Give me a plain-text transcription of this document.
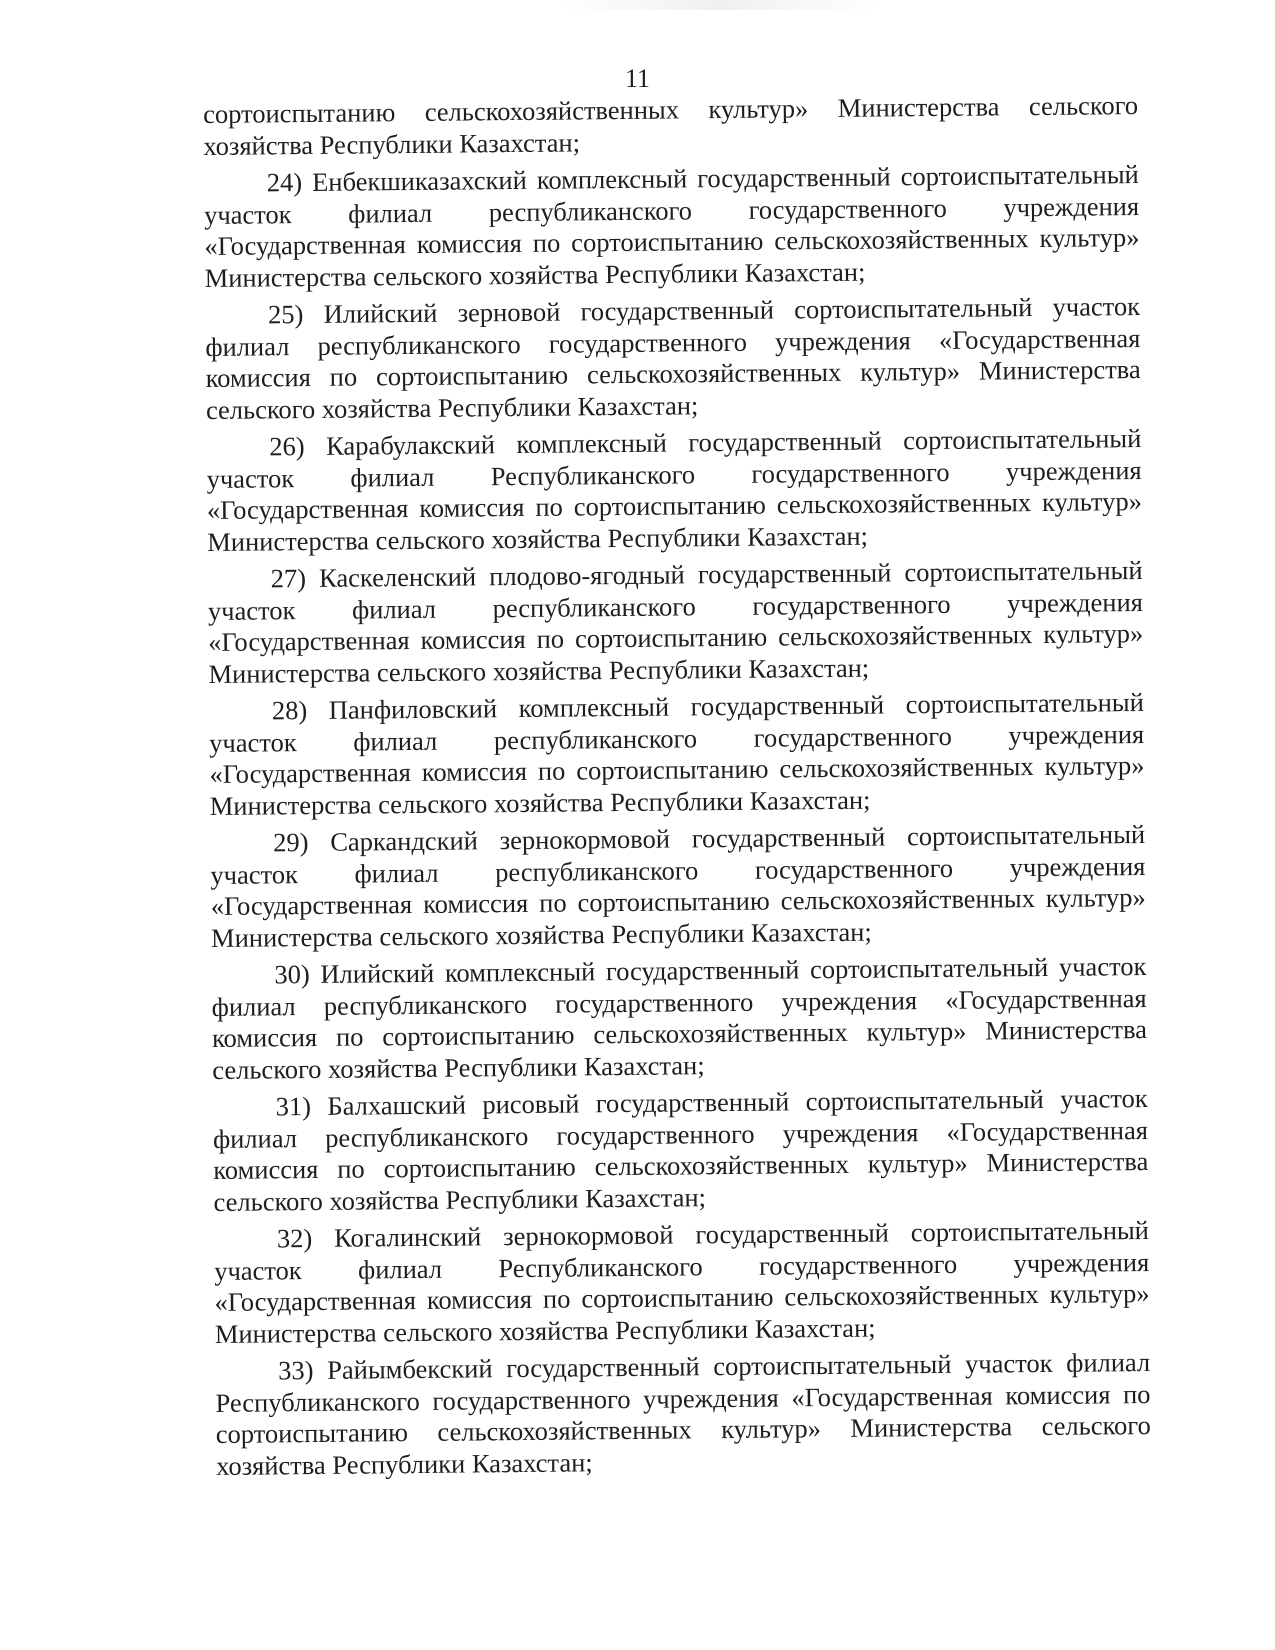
11

сортоиспытанию сельскохозяйственных культур» Министерства сельского хозяйства Республики Казахстан;

24) Енбекшиказахский комплексный государственный сортоиспытательный участок филиал республиканского государственного учреждения «Государственная комиссия по сортоиспытанию сельскохозяйственных культур» Министерства сельского хозяйства Республики Казахстан;

25) Илийский зерновой государственный сортоиспытательный участок филиал республиканского государственного учреждения «Государственная комиссия по сортоиспытанию сельскохозяйственных культур» Министерства сельского хозяйства Республики Казахстан;

26) Карабулакский комплексный государственный сортоиспытательный участок филиал Республиканского государственного учреждения «Государственная комиссия по сортоиспытанию сельскохозяйственных культур» Министерства сельского хозяйства Республики Казахстан;

27) Каскеленский плодово-ягодный государственный сортоиспытательный участок филиал республиканского государственного учреждения «Государственная комиссия по сортоиспытанию сельскохозяйственных культур» Министерства сельского хозяйства Республики Казахстан;

28) Панфиловский комплексный государственный сортоиспытательный участок филиал республиканского государственного учреждения «Государственная комиссия по сортоиспытанию сельскохозяйственных культур» Министерства сельского хозяйства Республики Казахстан;

29) Саркандский зернокормовой государственный сортоиспытательный участок филиал республиканского государственного учреждения «Государственная комиссия по сортоиспытанию сельскохозяйственных культур» Министерства сельского хозяйства Республики Казахстан;

30) Илийский комплексный государственный сортоиспытательный участок филиал республиканского государственного учреждения «Государственная комиссия по сортоиспытанию сельскохозяйственных культур» Министерства сельского хозяйства Республики Казахстан;

31) Балхашский рисовый государственный сортоиспытательный участок филиал республиканского государственного учреждения «Государственная комиссия по сортоиспытанию сельскохозяйственных культур» Министерства сельского хозяйства Республики Казахстан;

32) Когалинский зернокормовой государственный сортоиспытательный участок филиал Республиканского государственного учреждения «Государственная комиссия по сортоиспытанию сельскохозяйственных культур» Министерства сельского хозяйства Республики Казахстан;

33) Райымбекский государственный сортоиспытательный участок филиал Республиканского государственного учреждения «Государственная комиссия по сортоиспытанию сельскохозяйственных культур» Министерства сельского хозяйства Республики Казахстан;
